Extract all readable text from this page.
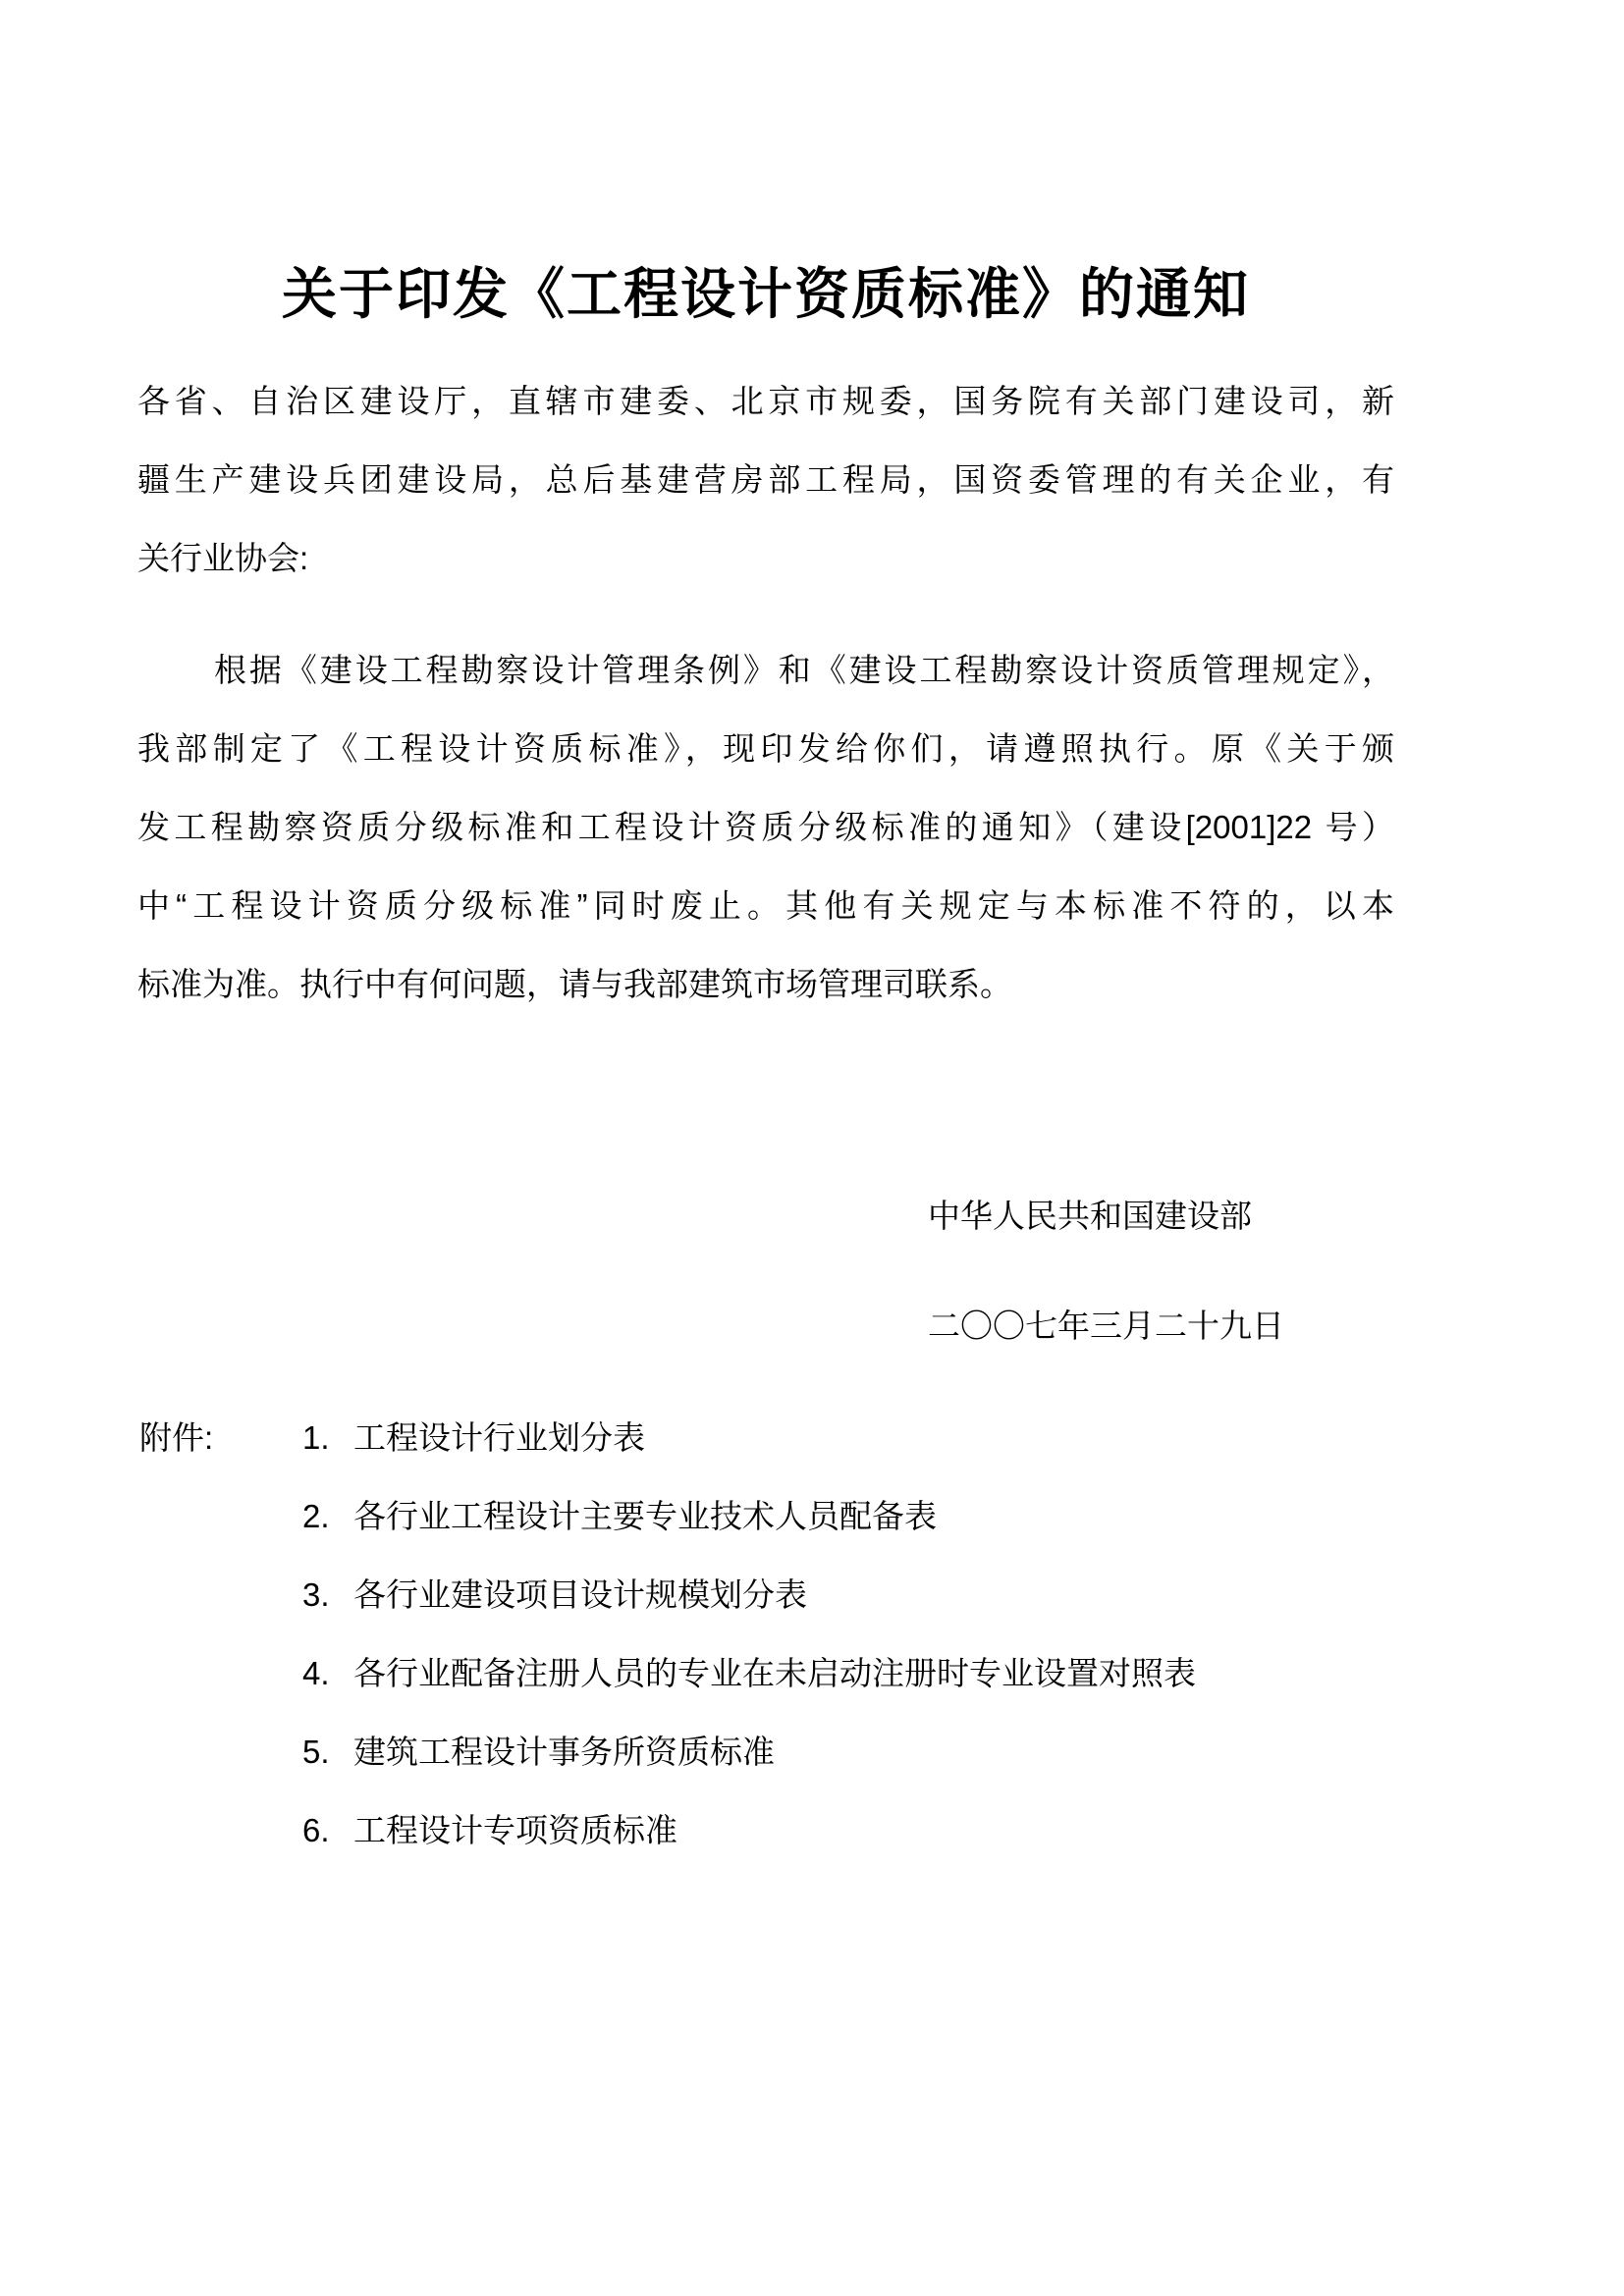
关于印发《工程设计资质标准》的通知
各省、自治区建设厅，直辖市建委、北京市规委，国务院有关部门建设司，新
疆生产建设兵团建设局，总后基建营房部工程局，国资委管理的有关企业，有
关行业协会:
根据《建设工程勘察设计管理条例》和《建设工程勘察设计资质管理规定》，
我部制定了《工程设计资质标准》，现印发给你们，请遵照执行。原《关于颁
发工程勘察资质分级标准和工程设计资质分级标准的通知》（建设[2001]22 号）
中“工程设计资质分级标准”同时废止。其他有关规定与本标准不符的，以本
标准为准。执行中有何问题，请与我部建筑市场管理司联系。
中华人民共和国建设部
二〇〇七年三月二十九日
附件:	1. 工程设计行业划分表
2. 各行业工程设计主要专业技术人员配备表
3. 各行业建设项目设计规模划分表
4. 各行业配备注册人员的专业在未启动注册时专业设置对照表
5. 建筑工程设计事务所资质标准
6. 工程设计专项资质标准
